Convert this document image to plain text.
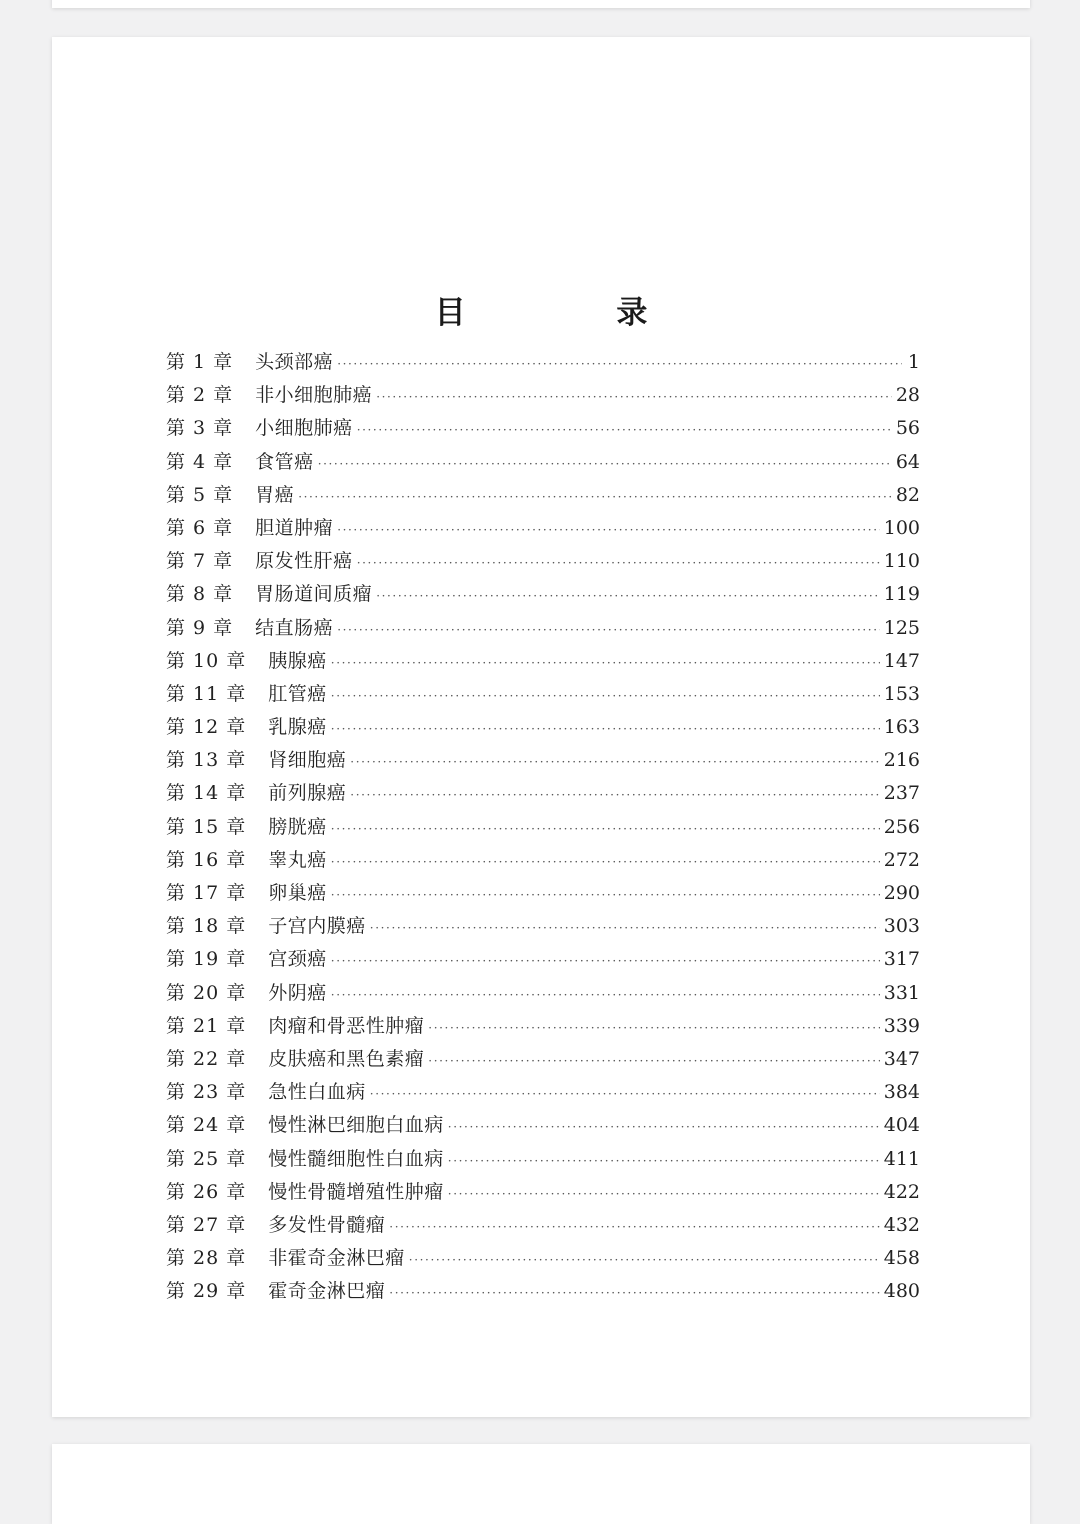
目 录
第 1 章 头颈部癌 ·····	1
第 2 章 非小细胞肺癌 ·····	28
第 3 章 小细胞肺癌 ·····	56
第 4 章 食管癌 ·····	64
第 5 章 胃癌 ·····	82
第 6 章 胆道肿瘤 ·····	100
第 7 章 原发性肝癌 ·····	110
第 8 章 胃肠道间质瘤 ·····	119
第 9 章 结直肠癌 ·····	125
第 10 章 胰腺癌 ·····	147
第 11 章 肛管癌 ·····	153
第 12 章 乳腺癌 ·····	163
第 13 章 肾细胞癌 ·····	216
第 14 章 前列腺癌 ·····	237
第 15 章 膀胱癌 ·····	256
第 16 章 睾丸癌 ·····	272
第 17 章 卵巢癌 ·····	290
第 18 章 子宫内膜癌 ·····	303
第 19 章 宫颈癌 ·····	317
第 20 章 外阴癌 ·····	331
第 21 章 肉瘤和骨恶性肿瘤 ·····	339
第 22 章 皮肤癌和黑色素瘤 ·····	347
第 23 章 急性白血病 ·····	384
第 24 章 慢性淋巴细胞白血病 ·····	404
第 25 章 慢性髓细胞性白血病 ·····	411
第 26 章 慢性骨髓增殖性肿瘤 ·····	422
第 27 章 多发性骨髓瘤 ·····	432
第 28 章 非霍奇金淋巴瘤 ·····	458
第 29 章 霍奇金淋巴瘤 ·····	480
